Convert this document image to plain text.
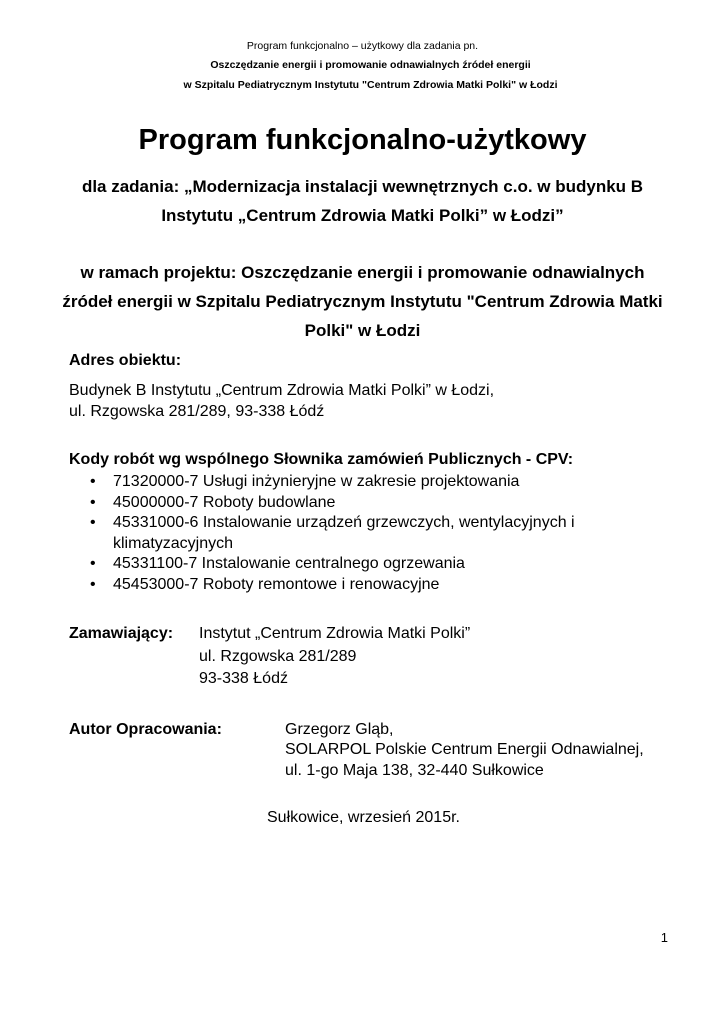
Program funkcjonalno – użytkowy dla zadania pn.
Oszczędzanie energii i promowanie odnawialnych źródeł energii
w Szpitalu Pediatrycznym Instytutu "Centrum Zdrowia Matki Polki" w Łodzi
Program funkcjonalno-użytkowy
dla zadania: „Modernizacja instalacji wewnętrznych c.o. w budynku B
Instytutu „Centrum Zdrowia Matki Polki” w Łodzi”
w ramach projektu: Oszczędzanie energii i promowanie odnawialnych
źródeł energii w Szpitalu Pediatrycznym Instytutu "Centrum Zdrowia Matki
Polki" w Łodzi
Adres obiektu:
Budynek B Instytutu „Centrum Zdrowia Matki Polki” w Łodzi,
ul. Rzgowska 281/289, 93-338 Łódź
Kody robót wg wspólnego Słownika zamówień Publicznych - CPV:
• 71320000-7 Usługi inżynieryjne w zakresie projektowania
• 45000000-7 Roboty budowlane
• 45331000-6 Instalowanie urządzeń grzewczych, wentylacyjnych i klimatyzacyjnych
• 45331100-7 Instalowanie centralnego ogrzewania
• 45453000-7 Roboty remontowe i renowacyjne
Zamawiający: Instytut „Centrum Zdrowia Matki Polki”
ul. Rzgowska 281/289
93-338 Łódź
Autor Opracowania:	Grzegorz Gląb,
SOLARPOL Polskie Centrum Energii Odnawialnej,
ul. 1-go Maja 138, 32-440 Sułkowice
Sułkowice, wrzesień 2015r.
1
